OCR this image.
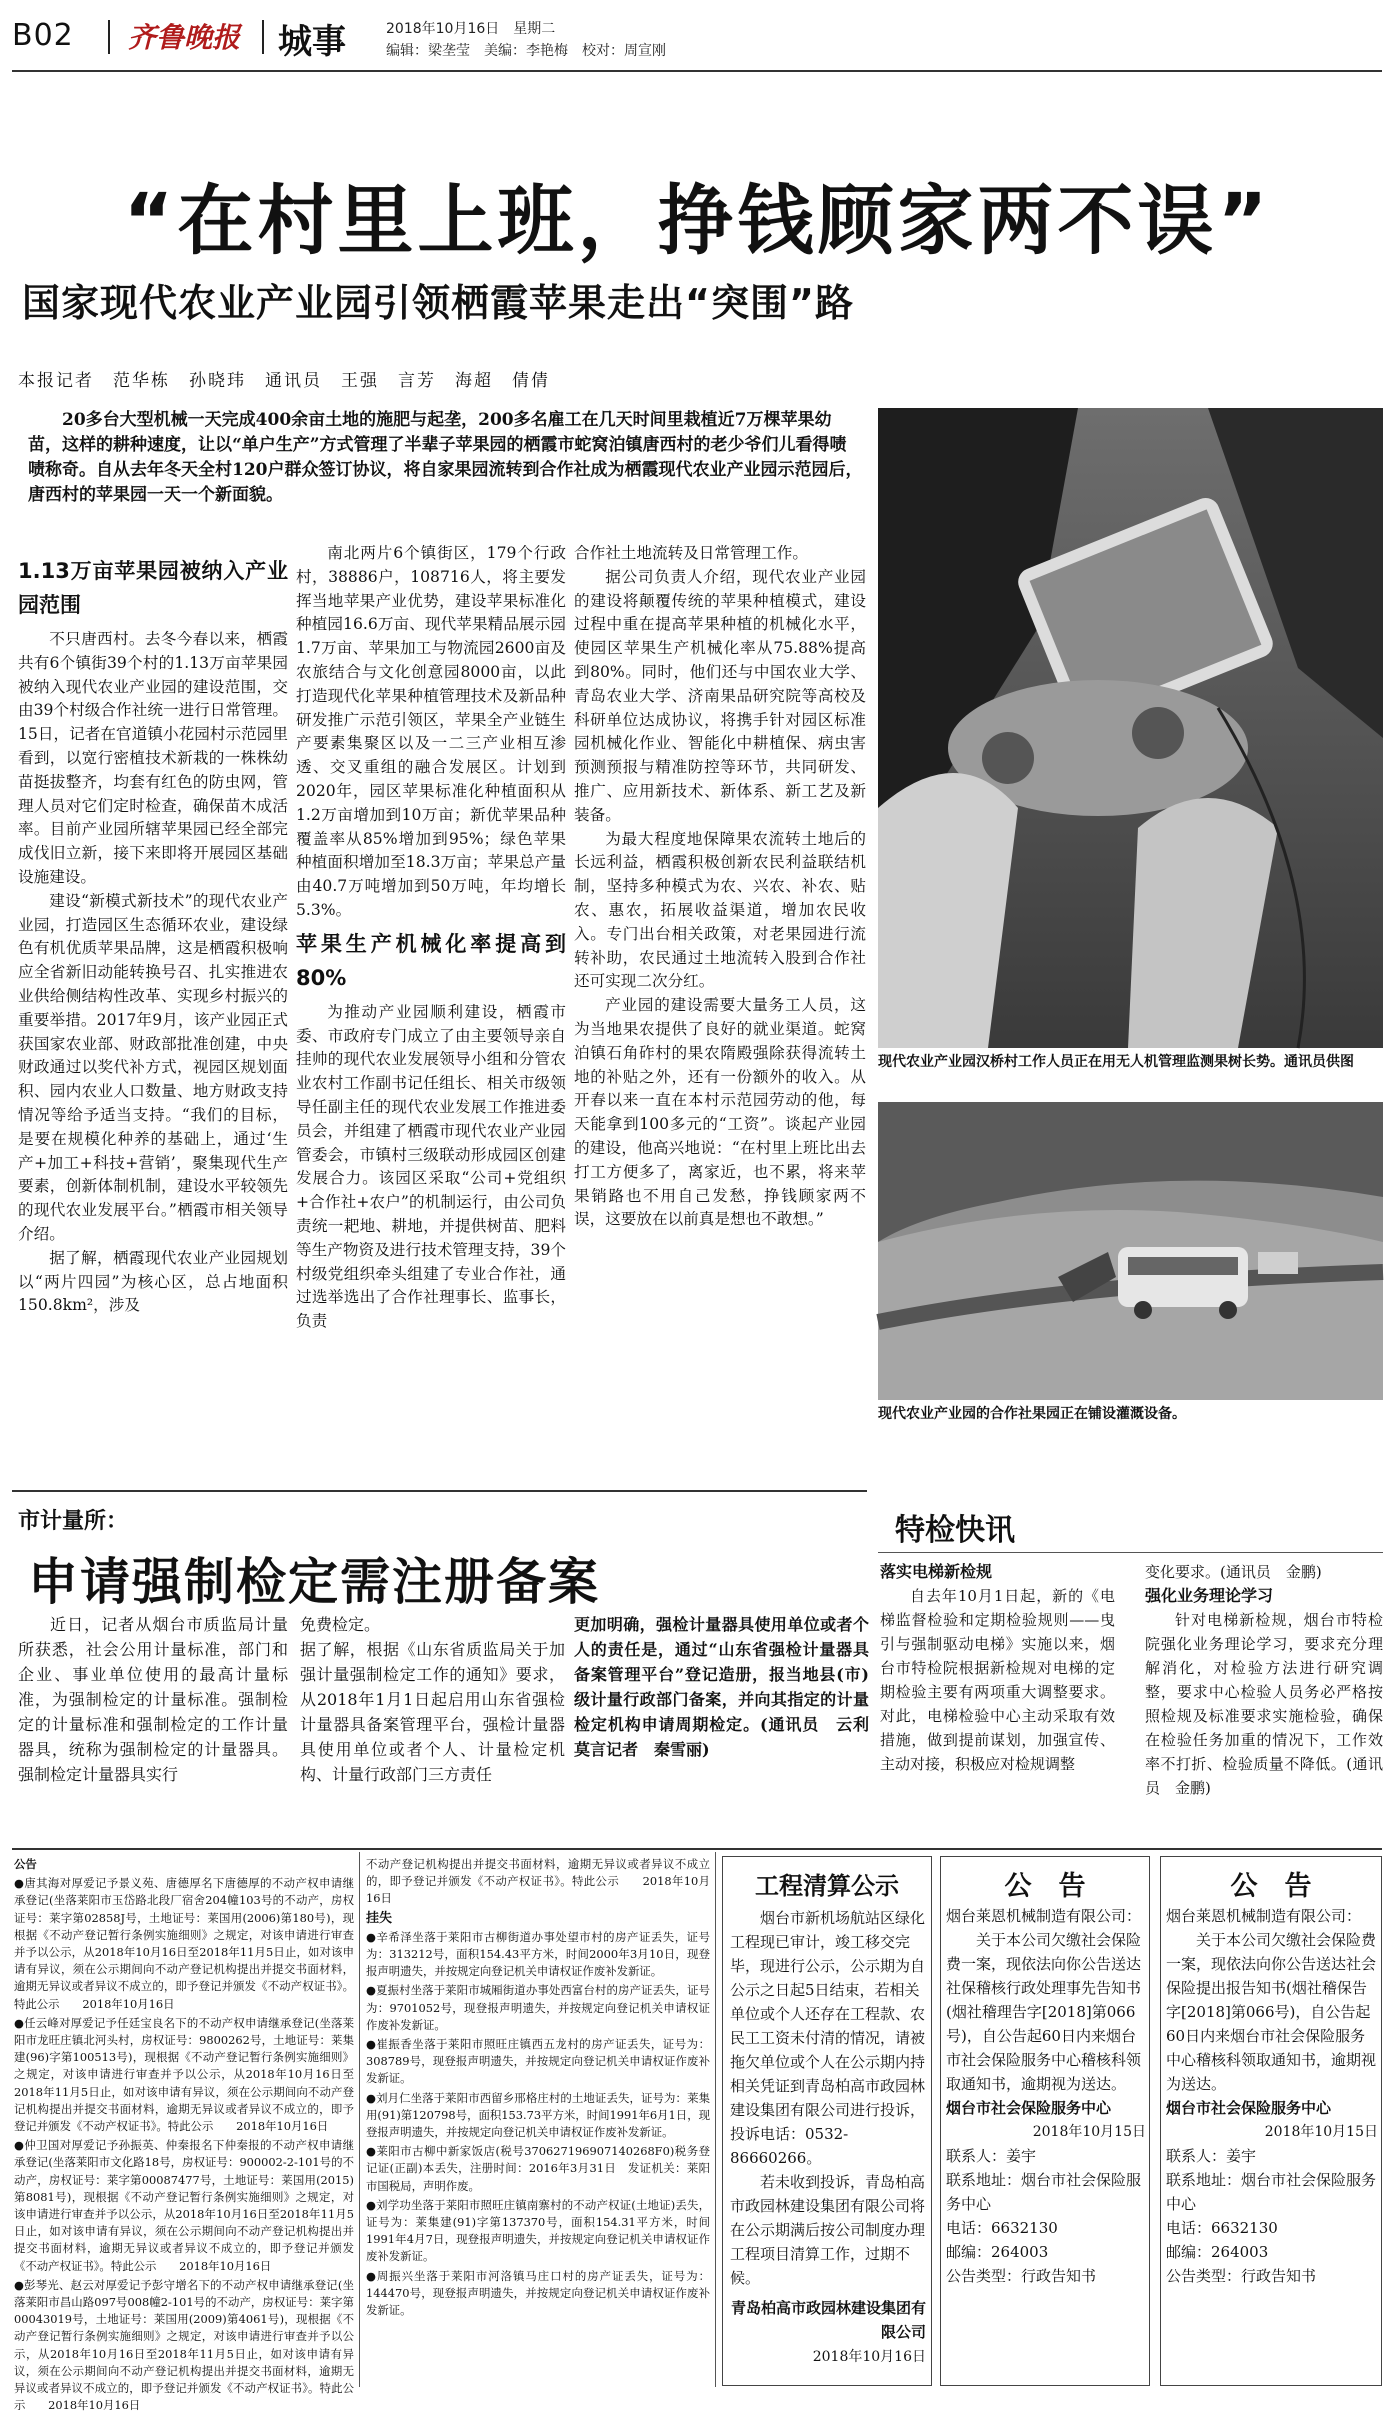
B02 齐鲁晚报 城事	2018年10月16日　星期二
编辑：梁垄莹　美编：李艳梅　校对：周宣刚
“在村里上班，挣钱顾家两不误”
国家现代农业产业园引领栖霞苹果走出“突围”路
本报记者　范华栋　孙晓玮　通讯员　王强　言芳　海超　倩倩
20多台大型机械一天完成400余亩土地的施肥与起垄，200多名雇工在几天时间里栽植近7万棵苹果幼苗，这样的耕种速度，让以“单户生产”方式管理了半辈子苹果园的栖霞市蛇窝泊镇唐西村的老少爷们儿看得啧啧称奇。自从去年冬天全村120户群众签订协议，将自家果园流转到合作社成为栖霞现代农业产业园示范园后，唐西村的苹果园一天一个新面貌。
1.13万亩苹果园被纳入产业园范围

不只唐西村。去冬今春以来，栖霞共有6个镇街39个村的1.13万亩苹果园被纳入现代农业产业园的建设范围，交由39个村级合作社统一进行日常管理。15日，记者在官道镇小花园村示范园里看到，以宽行密植技术新栽的一株株幼苗挺拔整齐，均套有红色的防虫网，管理人员对它们定时检查，确保苗木成活率。目前产业园所辖苹果园已经全部完成伐旧立新，接下来即将开展园区基础设施建设。

建设“新模式新技术”的现代农业产业园，打造园区生态循环农业，建设绿色有机优质苹果品牌，这是栖霞积极响应全省新旧动能转换号召、扎实推进农业供给侧结构性改革、实现乡村振兴的重要举措。2017年9月，该产业园正式获国家农业部、财政部批准创建，中央财政通过以奖代补方式，视园区规划面积、园内农业人口数量、地方财政支持情况等给予适当支持。“我们的目标，是要在规模化种养的基础上，通过‘生产+加工+科技+营销’，聚集现代生产要素，创新体制机制，建设水平较领先的现代农业发展平台。”栖霞市相关领导介绍。

据了解，栖霞现代农业产业园规划以“两片四园”为核心区，总占地面积150.8km²，涉及

南北两片6个镇街区，179个行政村，38886户，108716人，将主要发挥当地苹果产业优势，建设苹果标准化种植园16.6万亩、现代苹果精品展示园1.7万亩、苹果加工与物流园2600亩及农旅结合与文化创意园8000亩，以此打造现代化苹果种植管理技术及新品种研发推广示范引领区，苹果全产业链生产要素集聚区以及一二三产业相互渗透、交叉重组的融合发展区。计划到2020年，园区苹果标准化种植面积从1.2万亩增加到10万亩；新优苹果品种覆盖率从85%增加到95%；绿色苹果种植面积增加至18.3万亩；苹果总产量由40.7万吨增加到50万吨，年均增长5.3%。

苹果生产机械化率提高到80%

为推动产业园顺利建设，栖霞市委、市政府专门成立了由主要领导亲自挂帅的现代农业发展领导小组和分管农业农村工作副书记任组长、相关市级领导任副主任的现代农业发展工作推进委员会，并组建了栖霞市现代农业产业园管委会，市镇村三级联动形成园区创建发展合力。该园区采取“公司+党组织+合作社+农户”的机制运行，由公司负责统一耙地、耕地，并提供树苗、肥料等生产物资及进行技术管理支持，39个村级党组织牵头组建了专业合作社，通过选举选出了合作社理事长、监事长，负责

合作社土地流转及日常管理工作。

据公司负责人介绍，现代农业产业园的建设将颠覆传统的苹果种植模式，建设过程中重在提高苹果种植的机械化水平，使园区苹果生产机械化率从75.88%提高到80%。同时，他们还与中国农业大学、青岛农业大学、济南果品研究院等高校及科研单位达成协议，将携手针对园区标准园机械化作业、智能化中耕植保、病虫害预测预报与精准防控等环节，共同研发、推广、应用新技术、新体系、新工艺及新装备。

为最大程度地保障果农流转土地后的长远利益，栖霞积极创新农民利益联结机制，坚持多种模式为农、兴农、补农、贴农、惠农，拓展收益渠道，增加农民收入。专门出台相关政策，对老果园进行流转补助，农民通过土地流转入股到合作社还可实现二次分红。

产业园的建设需要大量务工人员，这为当地果农提供了良好的就业渠道。蛇窝泊镇石角砟村的果农隋殿强除获得流转土地的补贴之外，还有一份额外的收入。从开春以来一直在本村示范园劳动的他，每天能拿到100多元的“工资”。谈起产业园的建设，他高兴地说：“在村里上班比出去打工方便多了，离家近，也不累，将来苹果销路也不用自己发愁，挣钱顾家两不误，这要放在以前真是想也不敢想。”

现代农业产业园汉桥村工作人员正在用无人机管理监测果树长势。通讯员供图
现代农业产业园的合作社果园正在铺设灌溉设备。
市计量所：
申请强制检定需注册备案

近日，记者从烟台市质监局计量所获悉，社会公用计量标准，部门和企业、事业单位使用的最高计量标准，为强制检定的计量标准。强制检定的计量标准和强制检定的工作计量器具，统称为强制检定的计量器具。强制检定计量器具实行

免费检定。
据了解，根据《山东省质监局关于加强计量强制检定工作的通知》要求，从2018年1月1日起启用山东省强检计量器具备案管理平台，强检计量器具使用单位或者个人、计量检定机构、计量行政部门三方责任

更加明确，强检计量器具使用单位或者个人的责任是，通过“山东省强检计量器具备案管理平台”登记造册，报当地县(市)级计量行政部门备案，并向其指定的计量检定机构申请周期检定。(通讯员　云利　莫言记者　秦雪丽)

特检快讯
落实电梯新检规

自去年10月1日起，新的《电梯监督检验和定期检验规则——曳引与强制驱动电梯》实施以来，烟台市特检院根据新检规对电梯的定期检验主要有两项重大调整要求。对此，电梯检验中心主动采取有效措施，做到提前谋划，加强宣传、主动对接，积极应对检规调整

变化要求。(通讯员　金鹏)
强化业务理论学习

针对电梯新检规，烟台市特检院强化业务理论学习，要求充分理解消化，对检验方法进行研究调整，要求中心检验人员务必严格按照检规及标准要求实施检验，确保在检验任务加重的情况下，工作效率不打折、检验质量不降低。(通讯员　金鹏)

公告

●唐其海对厚爱记予景义苑、唐德厚名下唐德厚的不动产权申请继承登记(坐落莱阳市玉岱路北段厂宿舍204幢103号的不动产，房权证号：莱字第02858J号，土地证号：莱国用(2006)第180号)，现根据《不动产登记暂行条例实施细则》之规定，对该申请进行审查并予以公示，从2018年10月16日至2018年11月5日止，如对该申请有异议，须在公示期间向不动产登记机构提出并提交书面材料，逾期无异议或者异议不成立的，即予登记并颁发《不动产权证书》。特此公示　　2018年10月16日

●任云峰对厚爱记予任廷宝良名下的不动产权申请继承登记(坐落莱阳市龙旺庄镇北河头村，房权证号：9800262号，土地证号：莱集建(96)字第100513号)，现根据《不动产登记暂行条例实施细则》之规定，对该申请进行审查并予以公示，从2018年10月16日至2018年11月5日止，如对该申请有异议，须在公示期间向不动产登记机构提出并提交书面材料，逾期无异议或者异议不成立的，即予登记并颁发《不动产权证书》。特此公示　　2018年10月16日

●仲卫国对厚爱记予孙振英、仲秦报名下仲秦报的不动产权申请继承登记(坐落莱阳市文化路18号，房权证号：900002-2-101号的不动产，房权证号：莱字第00087477号，土地证号：莱国用(2015)第8081号)，现根据《不动产登记暂行条例实施细则》之规定，对该申请进行审查并予以公示，从2018年10月16日至2018年11月5日止，如对该申请有异议，须在公示期间向不动产登记机构提出并提交书面材料，逾期无异议或者异议不成立的，即予登记并颁发《不动产权证书》。特此公示　　2018年10月16日

●彭琴光、赵云对厚爱记予彭守增名下的不动产权申请继承登记(坐落莱阳市昌山路097号008幢2-101号的不动产，房权证号：莱字第00043019号，土地证号：莱国用(2009)第4061号)，现根据《不动产登记暂行条例实施细则》之规定，对该申请进行审查并予以公示，从2018年10月16日至2018年11月5日止，如对该申请有异议，须在公示期间向不动产登记机构提出并提交书面材料，逾期无异议或者异议不成立的，即予登记并颁发《不动产权证书》。特此公示　　2018年10月16日

不动产登记机构提出并提交书面材料，逾期无异议或者异议不成立的，即予登记并颁发《不动产权证书》。特此公示　　2018年10月16日

挂失

●辛希泽坐落于莱阳市古柳街道办事处望市村的房产证丢失，证号为：313212号，面积154.43平方米，时间2000年3月10日，现登报声明遗失，并按规定向登记机关申请权证作废补发新证。

●夏振村坐落于莱阳市城厢街道办事处西富台村的房产证丢失，证号为：9701052号，现登报声明遗失，并按规定向登记机关申请权证作废补发新证。

●崔振香坐落于莱阳市照旺庄镇西五龙村的房产证丢失，证号为：308789号，现登报声明遗失，并按规定向登记机关申请权证作废补发新证。

●刘月仁坐落于莱阳市西留乡邢格庄村的土地证丢失，证号为：莱集用(91)第120798号，面积153.73平方米，时间1991年6月1日，现登报声明遗失，并按规定向登记机关申请权证作废补发新证。

●莱阳市古柳中新家饭店(税号370627196907140268F0)税务登记证(正副)本丢失，注册时间：2016年3月31日　发证机关：莱阳市国税局，声明作废。

●刘学功坐落于莱阳市照旺庄镇南寨村的不动产权证(土地证)丢失，证号为：莱集建(91)字第137370号，面积154.31平方米，时间1991年4月7日，现登报声明遗失，并按规定向登记机关申请权证作废补发新证。

●周振兴坐落于莱阳市河洛镇马庄口村的房产证丢失，证号为：144470号，现登报声明遗失，并按规定向登记机关申请权证作废补发新证。

工程清算公示

烟台市新机场航站区绿化工程现已审计，竣工移交完毕，现进行公示，公示期为自公示之日起5日结束，若相关单位或个人还存在工程款、农民工工资未付清的情况，请被拖欠单位或个人在公示期内持相关凭证到青岛柏高市政园林建设集团有限公司进行投诉，投诉电话：0532-86660266。

若未收到投诉，青岛柏高市政园林建设集团有限公司将在公示期满后按公司制度办理工程项目清算工作，过期不候。

青岛柏高市政园林建设集团有限公司
2018年10月16日
公　告
烟台莱恩机械制造有限公司：

关于本公司欠缴社会保险费一案，现依法向你公告送达社保稽核行政处理事先告知书(烟社稽理告字[2018]第066号)，自公告起60日内来烟台市社会保险服务中心稽核科领取通知书，逾期视为送达。

烟台市社会保险服务中心
2018年10月15日
联系人：姜宇
联系地址：烟台市社会保险服务中心
电话：6632130
邮编：264003
公告类型：行政告知书
公　告
烟台莱恩机械制造有限公司：

关于本公司欠缴社会保险费一案，现依法向你公告送达社会保险提出报告知书(烟社稽保告字[2018]第066号)，自公告起60日内来烟台市社会保险服务中心稽核科领取通知书，逾期视为送达。

烟台市社会保险服务中心
2018年10月15日
联系人：姜宇
联系地址：烟台市社会保险服务中心
电话：6632130
邮编：264003
公告类型：行政告知书
